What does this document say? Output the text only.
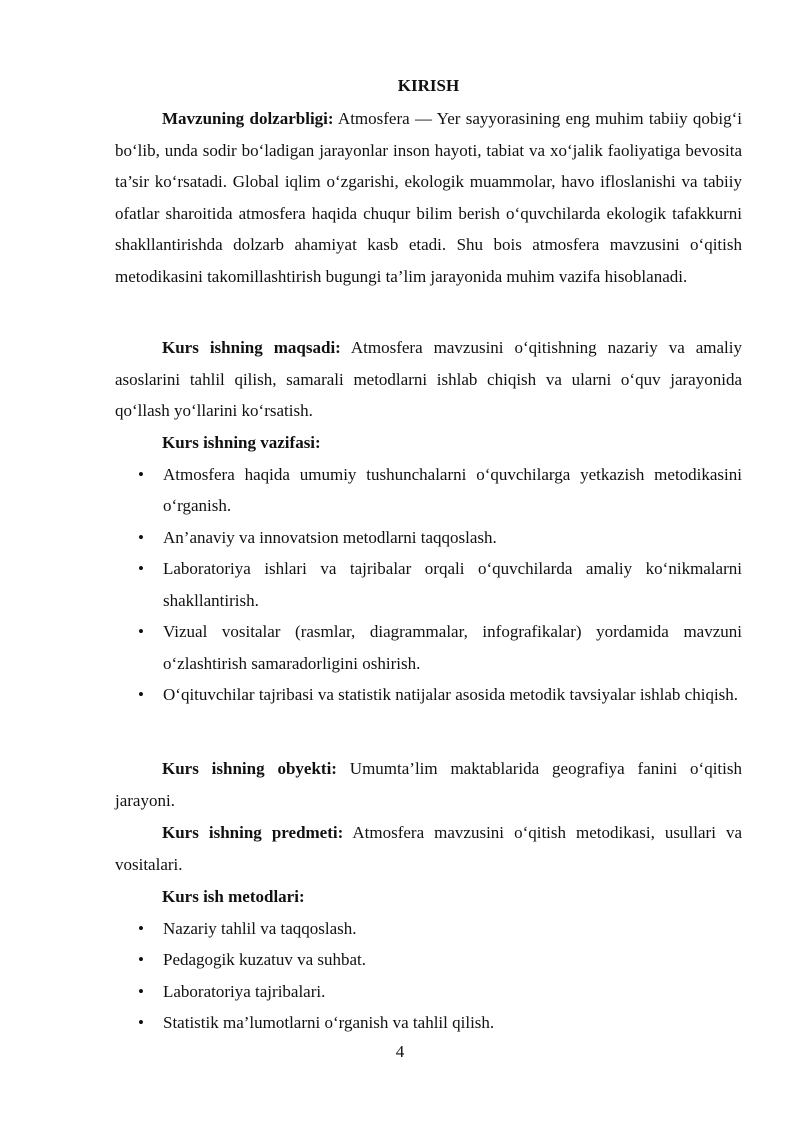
KIRISH

Mavzuning dolzarbligi: Atmosfera — Yer sayyorasining eng muhim tabiiy qobig‘i bo‘lib, unda sodir bo‘ladigan jarayonlar inson hayoti, tabiat va xo‘jalik faoliyatiga bevosita ta’sir ko‘rsatadi. Global iqlim o‘zgarishi, ekologik muammolar, havo ifloslanishi va tabiiy ofatlar sharoitida atmosfera haqida chuqur bilim berish o‘quvchilarda ekologik tafakkurni shakllantirishda dolzarb ahamiyat kasb etadi. Shu bois atmosfera mavzusini o‘qitish metodikasini takomillashtirish bugungi ta’lim jarayonida muhim vazifa hisoblanadi.

Kurs ishning maqsadi: Atmosfera mavzusini o‘qitishning nazariy va amaliy asoslarini tahlil qilish, samarali metodlarni ishlab chiqish va ularni o‘quv jarayonida qo‘llash yo‘llarini ko‘rsatish.

Kurs ishning vazifasi:

• Atmosfera haqida umumiy tushunchalarni o‘quvchilarga yetkazish metodikasini o‘rganish.
• An’anaviy va innovatsion metodlarni taqqoslash.
• Laboratoriya ishlari va tajribalar orqali o‘quvchilarda amaliy ko‘nikmalarni shakllantirish.
• Vizual vositalar (rasmlar, diagrammalar, infografikalar) yordamida mavzuni o‘zlashtirish samaradorligini oshirish.
• O‘qituvchilar tajribasi va statistik natijalar asosida metodik tavsiyalar ishlab chiqish.

Kurs ishning obyekti: Umumta’lim maktablarida geografiya fanini o‘qitish jarayoni.

Kurs ishning predmeti: Atmosfera mavzusini o‘qitish metodikasi, usullari va vositalari.

Kurs ish metodlari:

• Nazariy tahlil va taqqoslash.
• Pedagogik kuzatuv va suhbat.
• Laboratoriya tajribalari.
• Statistik ma’lumotlarni o‘rganish va tahlil qilish.
4
